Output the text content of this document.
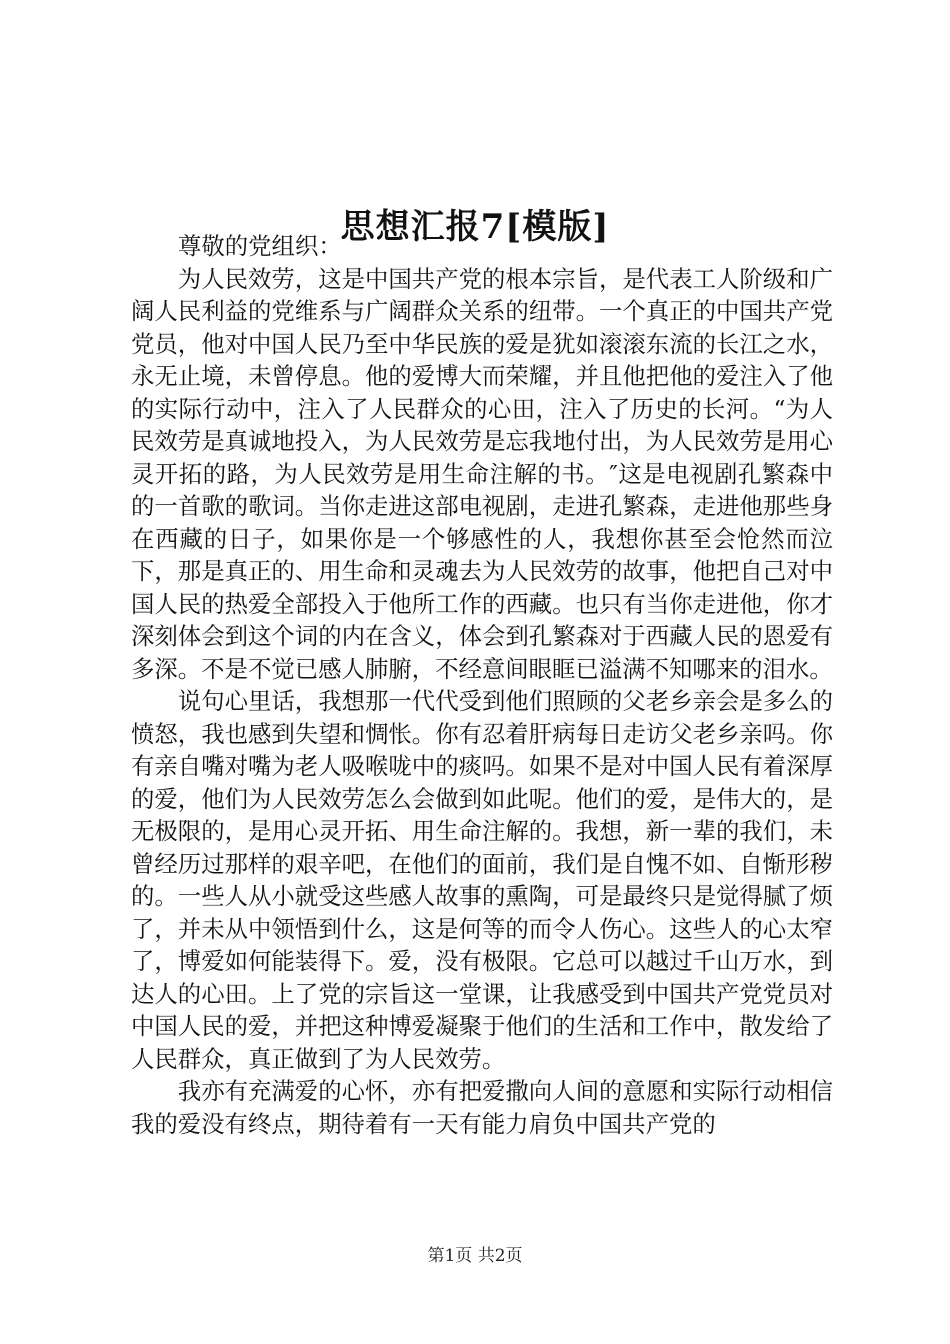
思想汇报7[模版]

尊敬的党组织：

为人民效劳，这是中国共产党的根本宗旨，是代表工人阶级和广阔人民利益的党维系与广阔群众关系的纽带。一个真正的中国共产党党员，他对中国人民乃至中华民族的爱是犹如滚滚东流的长江之水，永无止境，未曾停息。他的爱博大而荣耀，并且他把他的爱注入了他的实际行动中，注入了人民群众的心田，注入了历史的长河。“为人民效劳是真诚地投入，为人民效劳是忘我地付出，为人民效劳是用心灵开拓的路，为人民效劳是用生命注解的书。″这是电视剧孔繁森中的一首歌的歌词。当你走进这部电视剧，走进孔繁森，走进他那些身在西藏的日子，如果你是一个够感性的人，我想你甚至会怆然而泣下，那是真正的、用生命和灵魂去为人民效劳的故事，他把自己对中国人民的热爱全部投入于他所工作的西藏。也只有当你走进他，你才深刻体会到这个词的内在含义，体会到孔繁森对于西藏人民的恩爱有多深。不是不觉已感人肺腑，不经意间眼眶已溢满不知哪来的泪水。

说句心里话，我想那一代代受到他们照顾的父老乡亲会是多么的愤怒，我也感到失望和惆怅。你有忍着肝病每日走访父老乡亲吗。你有亲自嘴对嘴为老人吸喉咙中的痰吗。如果不是对中国人民有着深厚的爱，他们为人民效劳怎么会做到如此呢。他们的爱，是伟大的，是无极限的，是用心灵开拓、用生命注解的。我想，新一辈的我们，未曾经历过那样的艰辛吧，在他们的面前，我们是自愧不如、自惭形秽的。一些人从小就受这些感人故事的熏陶，可是最终只是觉得腻了烦了，并未从中领悟到什么，这是何等的而令人伤心。这些人的心太窄了，博爱如何能装得下。爱，没有极限。它总可以越过千山万水，到达人的心田。上了党的宗旨这一堂课，让我感受到中国共产党党员对中国人民的爱，并把这种博爱凝聚于他们的生活和工作中，散发给了人民群众，真正做到了为人民效劳。

我亦有充满爱的心怀，亦有把爱撒向人间的意愿和实际行动相信我的爱没有终点，期待着有一天有能力肩负中国共产党的

第1页 共2页
